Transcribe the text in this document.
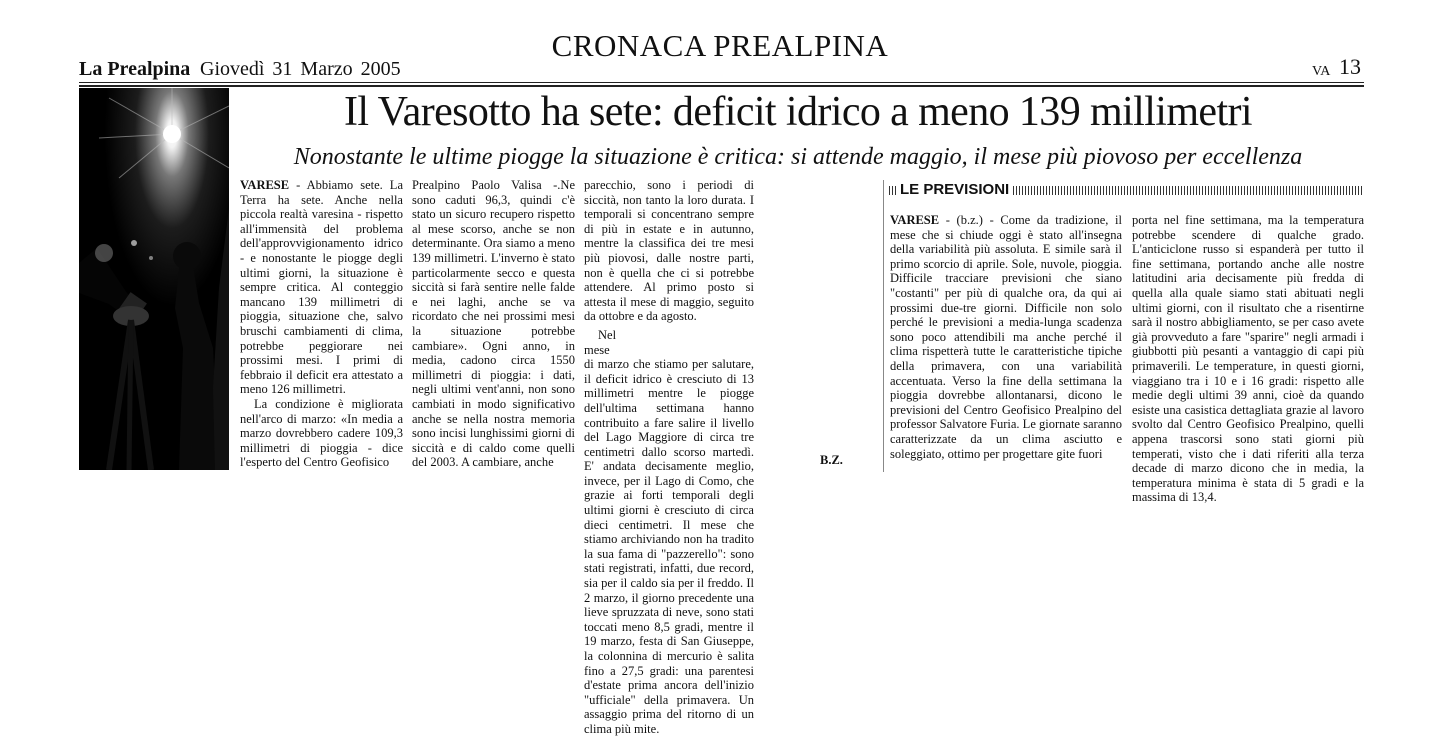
CRONACA PREALPINA
La Prealpina Giovedì 31 Marzo 2005	VA 13
Il Varesotto ha sete: deficit idrico a meno 139 millimetri
Nonostante le ultime piogge la situazione è critica: si attende maggio, il mese più piovoso per eccellenza

VARESE - Abbiamo sete. La Terra ha sete. Anche nella piccola realtà varesina - rispetto all'immensità del problema dell'approvvigionamento idrico - e nonostante le piogge degli ultimi giorni, la situazione è sempre critica. Al conteggio mancano 139 millimetri di pioggia, situazione che, salvo bruschi cambiamenti di clima, potrebbe peggiorare nei prossimi mesi. I primi di febbraio il deficit era attestato a meno 126 millimetri.

La condizione è migliorata nell'arco di marzo: «In media a marzo dovrebbero cadere 109,3 millimetri di pioggia - dice l'esperto del Centro Geofisico

Prealpino Paolo Valisa -.Ne sono caduti 96,3, quindi c'è stato un sicuro recupero rispetto al mese scorso, anche se non determinante. Ora siamo a meno 139 millimetri. L'inverno è stato particolarmente secco e questa siccità si farà sentire nelle falde e nei laghi, anche se va ricordato che nei prossimi mesi la situazione potrebbe cambiare». Ogni anno, in media, cadono circa 1550 millimetri di pioggia: i dati, negli ultimi vent'anni, non sono cambiati in modo significativo anche se nella nostra memoria sono incisi lunghissimi giorni di siccità e di caldo come quelli del 2003. A cambiare, anche

parecchio, sono i periodi di siccità, non tanto la loro durata. I temporali si concentrano sempre di più in estate e in autunno, mentre la classifica dei tre mesi più piovosi, dalle nostre parti, non è quella che ci si potrebbe attendere. Al primo posto si attesta il mese di maggio, seguito da ottobre e da agosto.

Nel

mese

di marzo che stiamo per salutare, il deficit idrico è cresciuto di 13 millimetri mentre le piogge dell'ultima settimana hanno contribuito a fare salire il livello del Lago Maggiore di circa tre centimetri dallo scorso martedì. E' andata decisamente meglio, invece, per il Lago di Como, che grazie ai forti temporali degli ultimi giorni è cresciuto di circa dieci centimetri. Il mese che stiamo archiviando non ha tradito la sua fama di "pazzerello": sono stati registrati, infatti, due record, sia per il caldo sia per il freddo. Il 2 marzo, il giorno precedente una lieve spruzzata di neve, sono stati toccati meno 8,5 gradi, mentre il 19 marzo, festa di San Giuseppe, la colonnina di mercurio è salita fino a 27,5 gradi: una parentesi d'estate prima ancora dell'inizio "ufficiale" della primavera. Un assaggio prima del ritorno di un clima più mite.

B.Z.
LE PREVISIONI

VARESE - (b.z.) - Come da tradizione, il mese che si chiude oggi è stato all'insegna della variabilità più assoluta. E simile sarà il primo scorcio di aprile. Sole, nuvole, pioggia. Difficile tracciare previsioni che siano "costanti" per più di qualche ora, da qui ai prossimi due-tre giorni. Difficile non solo perché le previsioni a media-lunga scadenza sono poco attendibili ma anche perché il clima rispetterà tutte le caratteristiche tipiche della primavera, con una variabilità accentuata. Verso la fine della settimana la pioggia dovrebbe allontanarsi, dicono le previsioni del Centro Geofisico Prealpino del professor Salvatore Furia. Le giornate saranno caratterizzate da un clima asciutto e soleggiato, ottimo per progettare gite fuori

porta nel fine settimana, ma la temperatura potrebbe scendere di qualche grado. L'anticiclone russo si espanderà per tutto il fine settimana, portando anche alle nostre latitudini aria decisamente più fredda di quella alla quale siamo stati abituati negli ultimi giorni, con il risultato che a risentirne sarà il nostro abbigliamento, se per caso avete già provveduto a fare "sparire" negli armadi i giubbotti più pesanti a vantaggio di capi più primaverili. Le temperature, in questi giorni, viaggiano tra i 10 e i 16 gradi: rispetto alle medie degli ultimi 39 anni, cioè da quando esiste una casistica dettagliata grazie al lavoro svolto dal Centro Geofisico Prealpino, quelli appena trascorsi sono stati giorni più temperati, visto che i dati riferiti alla terza decade di marzo dicono che in media, la temperatura minima è stata di 5 gradi e la massima di 13,4.
